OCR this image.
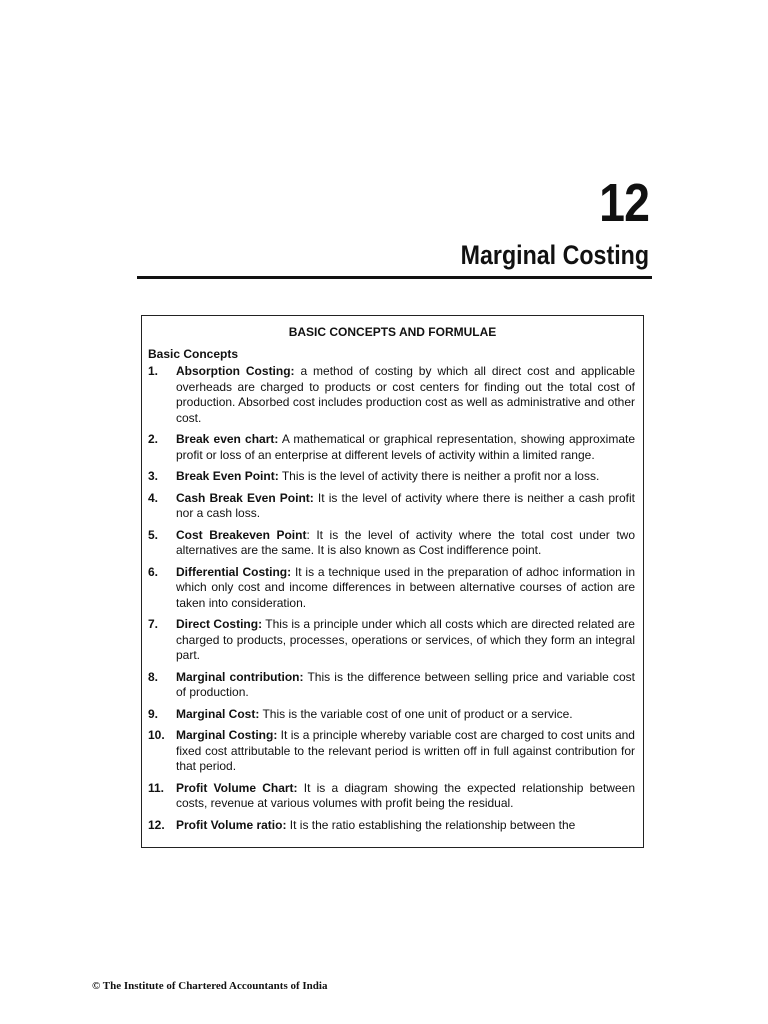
12
Marginal Costing
BASIC CONCEPTS AND FORMULAE
Basic Concepts
1. Absorption Costing: a method of costing by which all direct cost and applicable overheads are charged to products or cost centers for finding out the total cost of production. Absorbed cost includes production cost as well as administrative and other cost.
2. Break even chart: A mathematical or graphical representation, showing approximate profit or loss of an enterprise at different levels of activity within a limited range.
3. Break Even Point: This is the level of activity there is neither a profit nor a loss.
4. Cash Break Even Point: It is the level of activity where there is neither a cash profit nor a cash loss.
5. Cost Breakeven Point: It is the level of activity where the total cost under two alternatives are the same. It is also known as Cost indifference point.
6. Differential Costing: It is a technique used in the preparation of adhoc information in which only cost and income differences in between alternative courses of action are taken into consideration.
7. Direct Costing: This is a principle under which all costs which are directed related are charged to products, processes, operations or services, of which they form an integral part.
8. Marginal contribution: This is the difference between selling price and variable cost of production.
9. Marginal Cost: This is the variable cost of one unit of product or a service.
10. Marginal Costing: It is a principle whereby variable cost are charged to cost units and fixed cost attributable to the relevant period is written off in full against contribution for that period.
11. Profit Volume Chart: It is a diagram showing the expected relationship between costs, revenue at various volumes with profit being the residual.
12. Profit Volume ratio: It is the ratio establishing the relationship between the
© The Institute of Chartered Accountants of India
